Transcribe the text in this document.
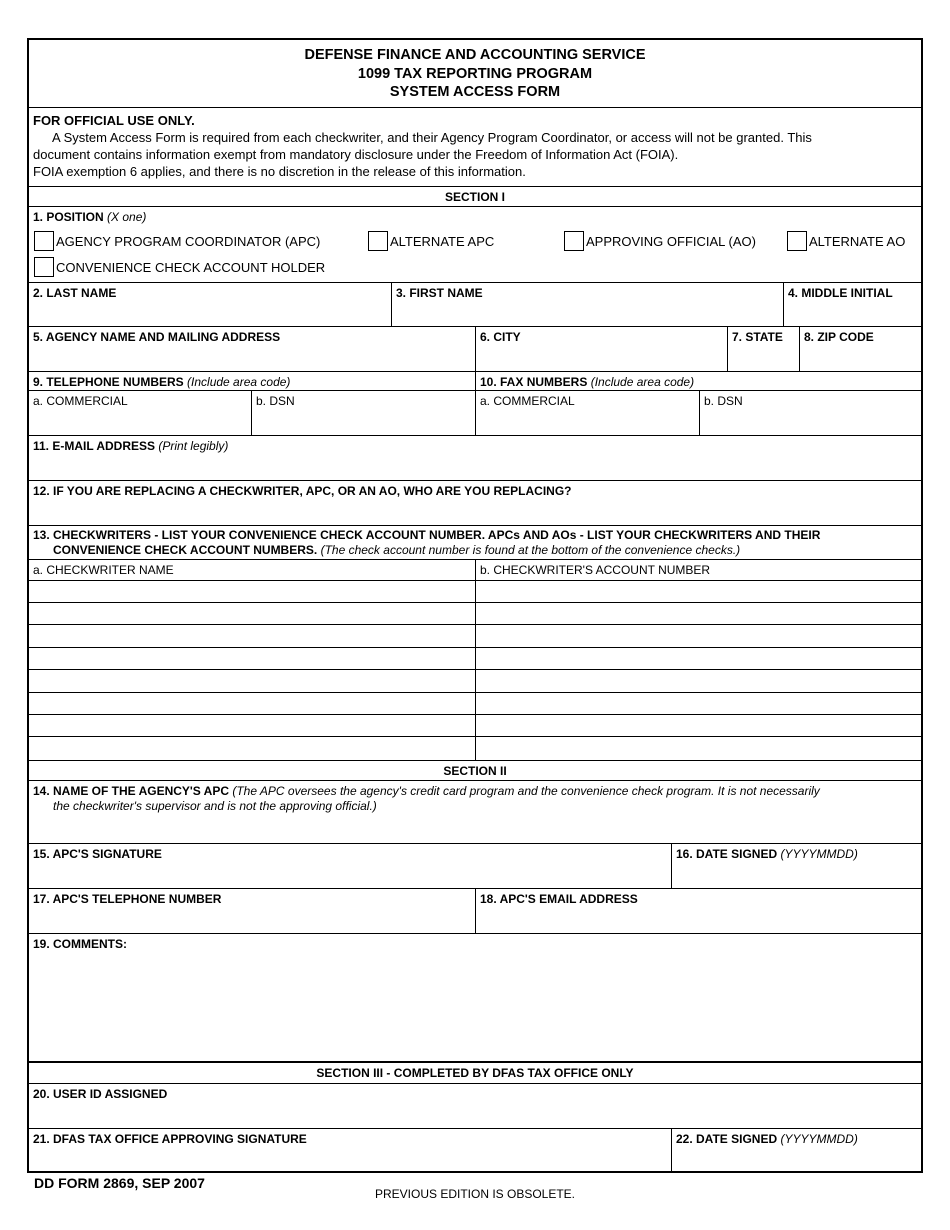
DEFENSE FINANCE AND ACCOUNTING SERVICE
1099 TAX REPORTING PROGRAM
SYSTEM ACCESS FORM
FOR OFFICIAL USE ONLY.
A System Access Form is required from each checkwriter, and their Agency Program Coordinator, or access will not be granted. This
document contains information exempt from mandatory disclosure under the Freedom of Information Act (FOIA).
FOIA exemption 6 applies, and there is no discretion in the release of this information.
SECTION I
1. POSITION (X one)
AGENCY PROGRAM COORDINATOR (APC)	ALTERNATE APC	APPROVING OFFICIAL (AO)	ALTERNATE AO
CONVENIENCE CHECK ACCOUNT HOLDER
2. LAST NAME	3. FIRST NAME	4. MIDDLE INITIAL
5. AGENCY NAME AND MAILING ADDRESS	6. CITY	7. STATE 8. ZIP CODE
9. TELEPHONE NUMBERS (Include area code)	10. FAX NUMBERS (Include area code)
a. COMMERCIAL	b. DSN	a. COMMERCIAL	b. DSN
11. E-MAIL ADDRESS (Print legibly)
12. IF YOU ARE REPLACING A CHECKWRITER, APC, OR AN AO, WHO ARE YOU REPLACING?
13. CHECKWRITERS - LIST YOUR CONVENIENCE CHECK ACCOUNT NUMBER. APCs AND AOs - LIST YOUR CHECKWRITERS AND THEIR
CONVENIENCE CHECK ACCOUNT NUMBERS. (The check account number is found at the bottom of the convenience checks.)
a. CHECKWRITER NAME	b. CHECKWRITER'S ACCOUNT NUMBER
SECTION II
14. NAME OF THE AGENCY'S APC (The APC oversees the agency's credit card program and the convenience check program. It is not necessarily
the checkwriter's supervisor and is not the approving official.)
15. APC'S SIGNATURE	16. DATE SIGNED (YYYYMMDD)
17. APC'S TELEPHONE NUMBER	18. APC'S EMAIL ADDRESS
19. COMMENTS:
SECTION III - COMPLETED BY DFAS TAX OFFICE ONLY
20. USER ID ASSIGNED
21. DFAS TAX OFFICE APPROVING SIGNATURE	22. DATE SIGNED (YYYYMMDD)
DD FORM 2869, SEP 2007
PREVIOUS EDITION IS OBSOLETE.
